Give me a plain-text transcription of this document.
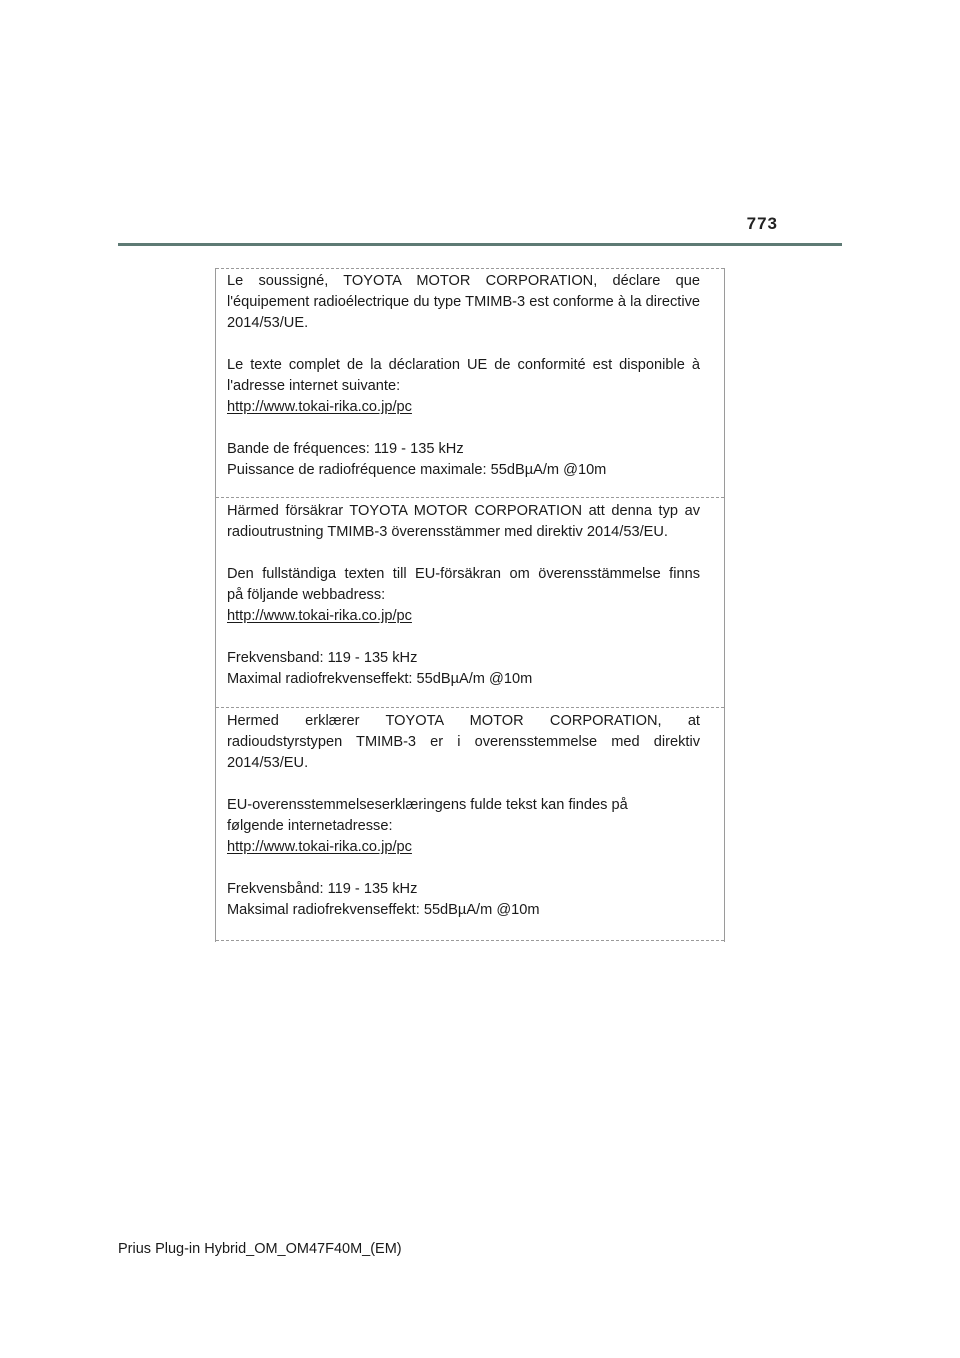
773

Le soussigné, TOYOTA MOTOR CORPORATION, déclare que l'équipement radioélectrique du type TMIMB-3 est conforme à la directive 2014/53/UE.

Le texte complet de la déclaration UE de conformité est disponible à
l'adresse internet suivante:
http://www.tokai-rika.co.jp/pc
Bande de fréquences: 119 - 135 kHz
Puissance de radiofréquence maximale: 55dBµA/m @10m

Härmed försäkrar TOYOTA MOTOR CORPORATION att denna typ av radioutrustning TMIMB-3 överensstämmer med direktiv 2014/53/EU.

Den fullständiga texten till EU-försäkran om överensstämmelse finns
på följande webbadress:
http://www.tokai-rika.co.jp/pc
Frekvensband: 119 - 135 kHz
Maximal radiofrekvenseffekt: 55dBµA/m @10m

Hermed erklærer TOYOTA MOTOR CORPORATION, at radioudstyrstypen TMIMB-3 er i overensstemmelse med direktiv 2014/53/EU.

EU-overensstemmelseserklæringens fulde tekst kan findes på
følgende internetadresse:
http://www.tokai-rika.co.jp/pc
Frekvensbånd: 119 - 135 kHz
Maksimal radiofrekvenseffekt: 55dBµA/m @10m
Prius Plug-in Hybrid_OM_OM47F40M_(EM)
